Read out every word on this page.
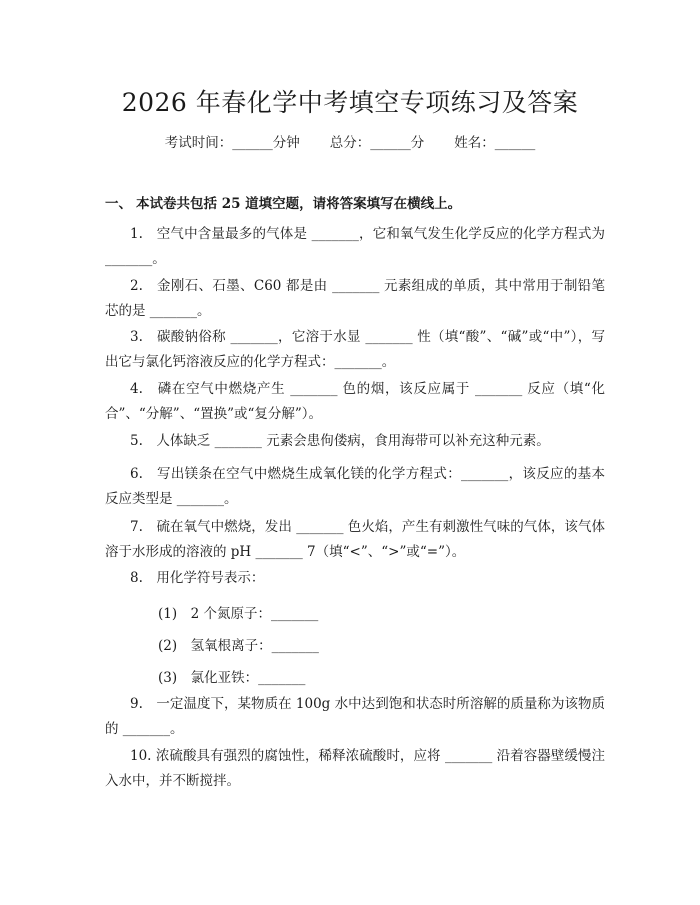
2026 年春化学中考填空专项练习及答案
考试时间：______分钟 总分：______分 姓名：______
一、 本试卷共包括 25 道填空题，请将答案填写在横线上。
1.　空气中含量最多的气体是 _______，它和氧气发生化学反应的化学方程式为 _______。
2.　金刚石、石墨、C60 都是由 _______ 元素组成的单质，其中常用于制铅笔芯的是 _______。
3.　碳酸钠俗称 _______，它溶于水显 _______ 性（填“酸”、“碱”或“中”），写出它与氯化钙溶液反应的化学方程式：_______。
4.　磷在空气中燃烧产生 _______ 色的烟，该反应属于 _______ 反应（填“化合”、“分解”、“置换”或“复分解”）。
5.　人体缺乏 _______ 元素会患佝偻病，食用海带可以补充这种元素。
6.　写出镁条在空气中燃烧生成氧化镁的化学方程式：_______，该反应的基本反应类型是 _______。
7.　硫在氧气中燃烧，发出 _______ 色火焰，产生有刺激性气味的气体，该气体溶于水形成的溶液的 pH _______ 7（填“<”、“>”或“=”）。
8.　用化学符号表示：
(1)　2 个氮原子：_______
(2)　氢氧根离子：_______
(3)　氯化亚铁：_______
9.　一定温度下，某物质在 100g 水中达到饱和状态时所溶解的质量称为该物质的 _______。
10. 浓硫酸具有强烈的腐蚀性，稀释浓硫酸时，应将 _______ 沿着容器壁缓慢注入水中，并不断搅拌。
